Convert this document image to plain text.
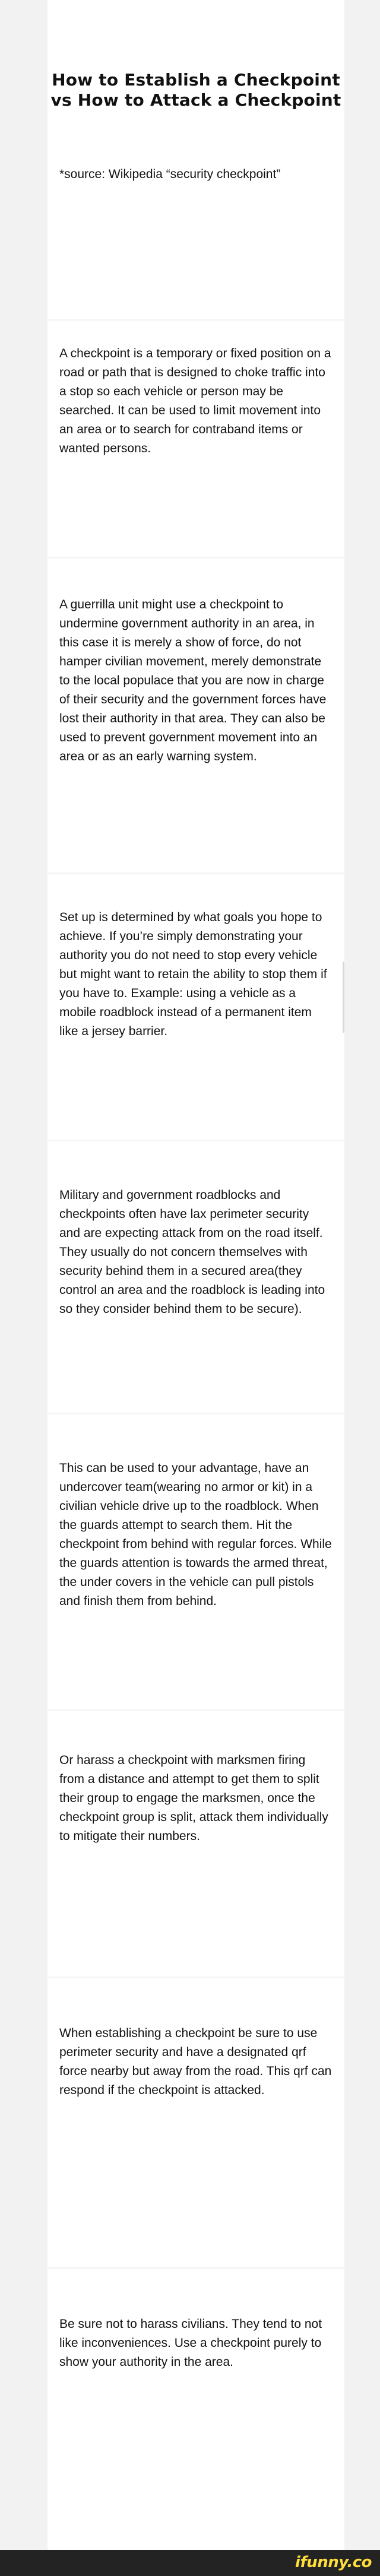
How to Establish a Checkpoint vs How to Attack a Checkpoint
*source: Wikipedia “security checkpoint”
A checkpoint is a temporary or fixed position on a road or path that is designed to choke traffic into a stop so each vehicle or person may be searched. It can be used to limit movement into an area or to search for contraband items or wanted persons.
A guerrilla unit might use a checkpoint to undermine government authority in an area, in this case it is merely a show of force, do not hamper civilian movement, merely demonstrate to the local populace that you are now in charge of their security and the government forces have lost their authority in that area. They can also be used to prevent government movement into an area or as an early warning system.
Set up is determined by what goals you hope to achieve. If you’re simply demonstrating your authority you do not need to stop every vehicle but might want to retain the ability to stop them if you have to. Example: using a vehicle as a mobile roadblock instead of a permanent item like a jersey barrier.
Military and government roadblocks and checkpoints often have lax perimeter security and are expecting attack from on the road itself. They usually do not concern themselves with security behind them in a secured area(they control an area and the roadblock is leading into so they consider behind them to be secure).
This can be used to your advantage, have an undercover team(wearing no armor or kit) in a civilian vehicle drive up to the roadblock. When the guards attempt to search them. Hit the checkpoint from behind with regular forces. While the guards attention is towards the armed threat, the under covers in the vehicle can pull pistols and finish them from behind.
Or harass a checkpoint with marksmen firing from a distance and attempt to get them to split their group to engage the marksmen, once the checkpoint group is split, attack them individually to mitigate their numbers.
When establishing a checkpoint be sure to use perimeter security and have a designated qrf force nearby but away from the road. This qrf can respond if the checkpoint is attacked.
Be sure not to harass civilians. They tend to not like inconveniences. Use a checkpoint purely to show your authority in the area.
ifunny.co
